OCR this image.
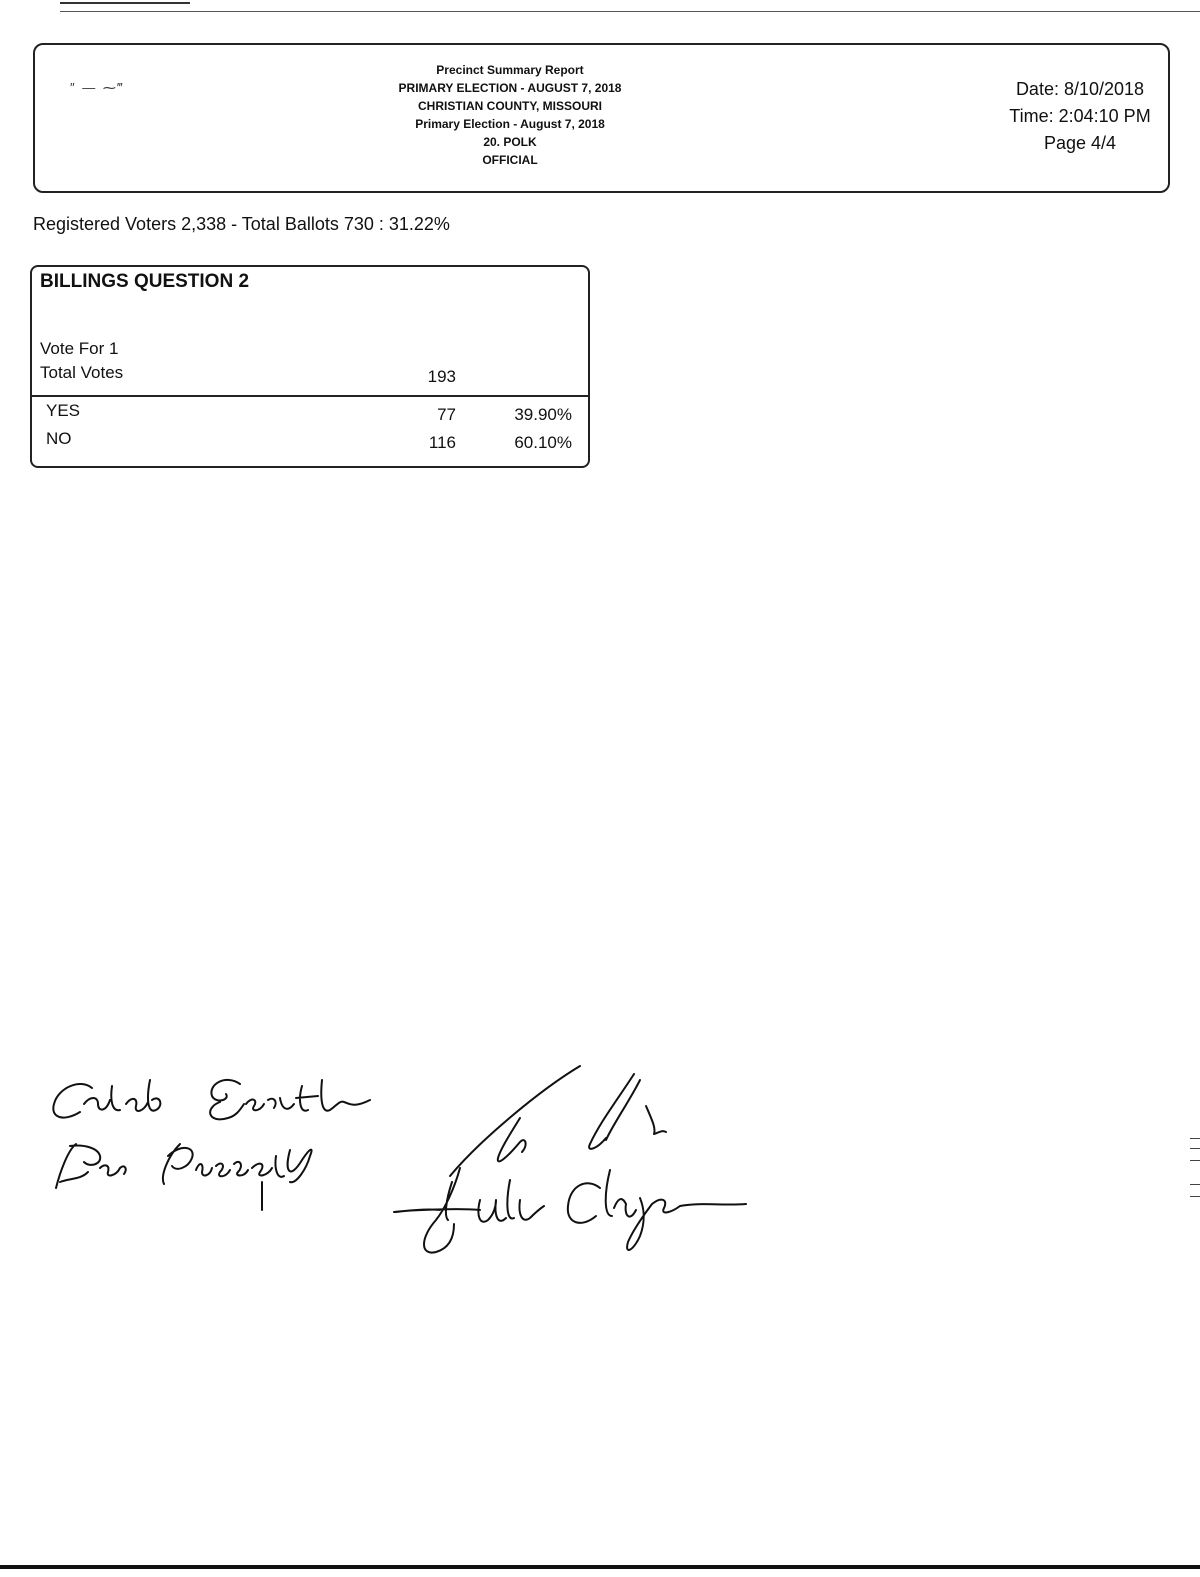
″ — ⁓‴
Precinct Summary Report
PRIMARY ELECTION - AUGUST 7, 2018
CHRISTIAN COUNTY, MISSOURI
Primary Election - August 7, 2018
20. POLK
OFFICIAL
Date: 8/10/2018
Time: 2:04:10 PM
Page 4/4
Registered Voters 2,338 - Total Ballots 730 : 31.22%
BILLINGS QUESTION 2
Vote For 1
Total Votes	193
YES	77	39.90%
NO	116	60.10%
